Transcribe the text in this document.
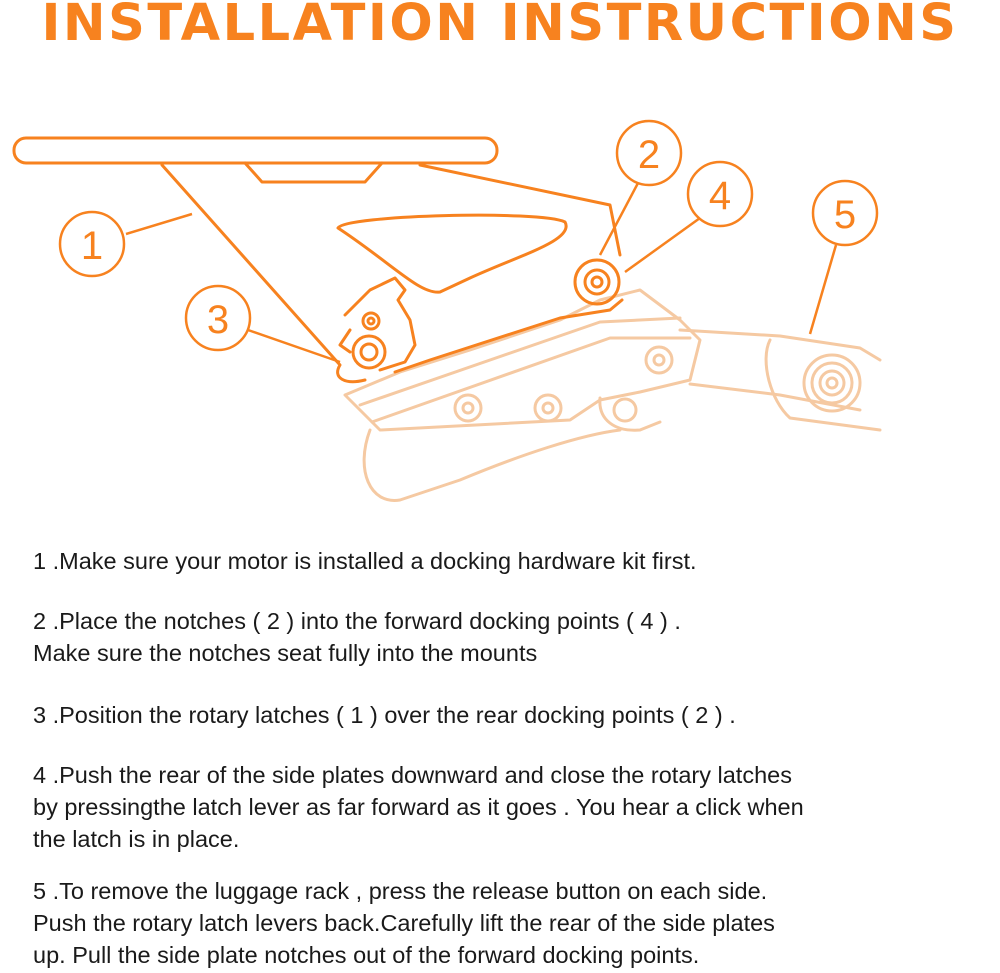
INSTALLATION INSTRUCTIONS
1
2
3
4	5
1 .Make sure your motor is installed a docking hardware kit first.
2 .Place the notches ( 2 ) into the forward docking points ( 4 ) .
Make sure the notches seat fully into the mounts
3 .Position the rotary latches ( 1 ) over the rear docking points ( 2 ) .
4 .Push the rear of the side plates downward and close the rotary latches
by pressingthe latch lever as far forward as it goes . You hear a click when
the latch is in place.
5 .To remove the luggage rack , press the release button on each side.
Push the rotary latch levers back.Carefully lift the rear of the side plates
up. Pull the side plate notches out of the forward docking points.
